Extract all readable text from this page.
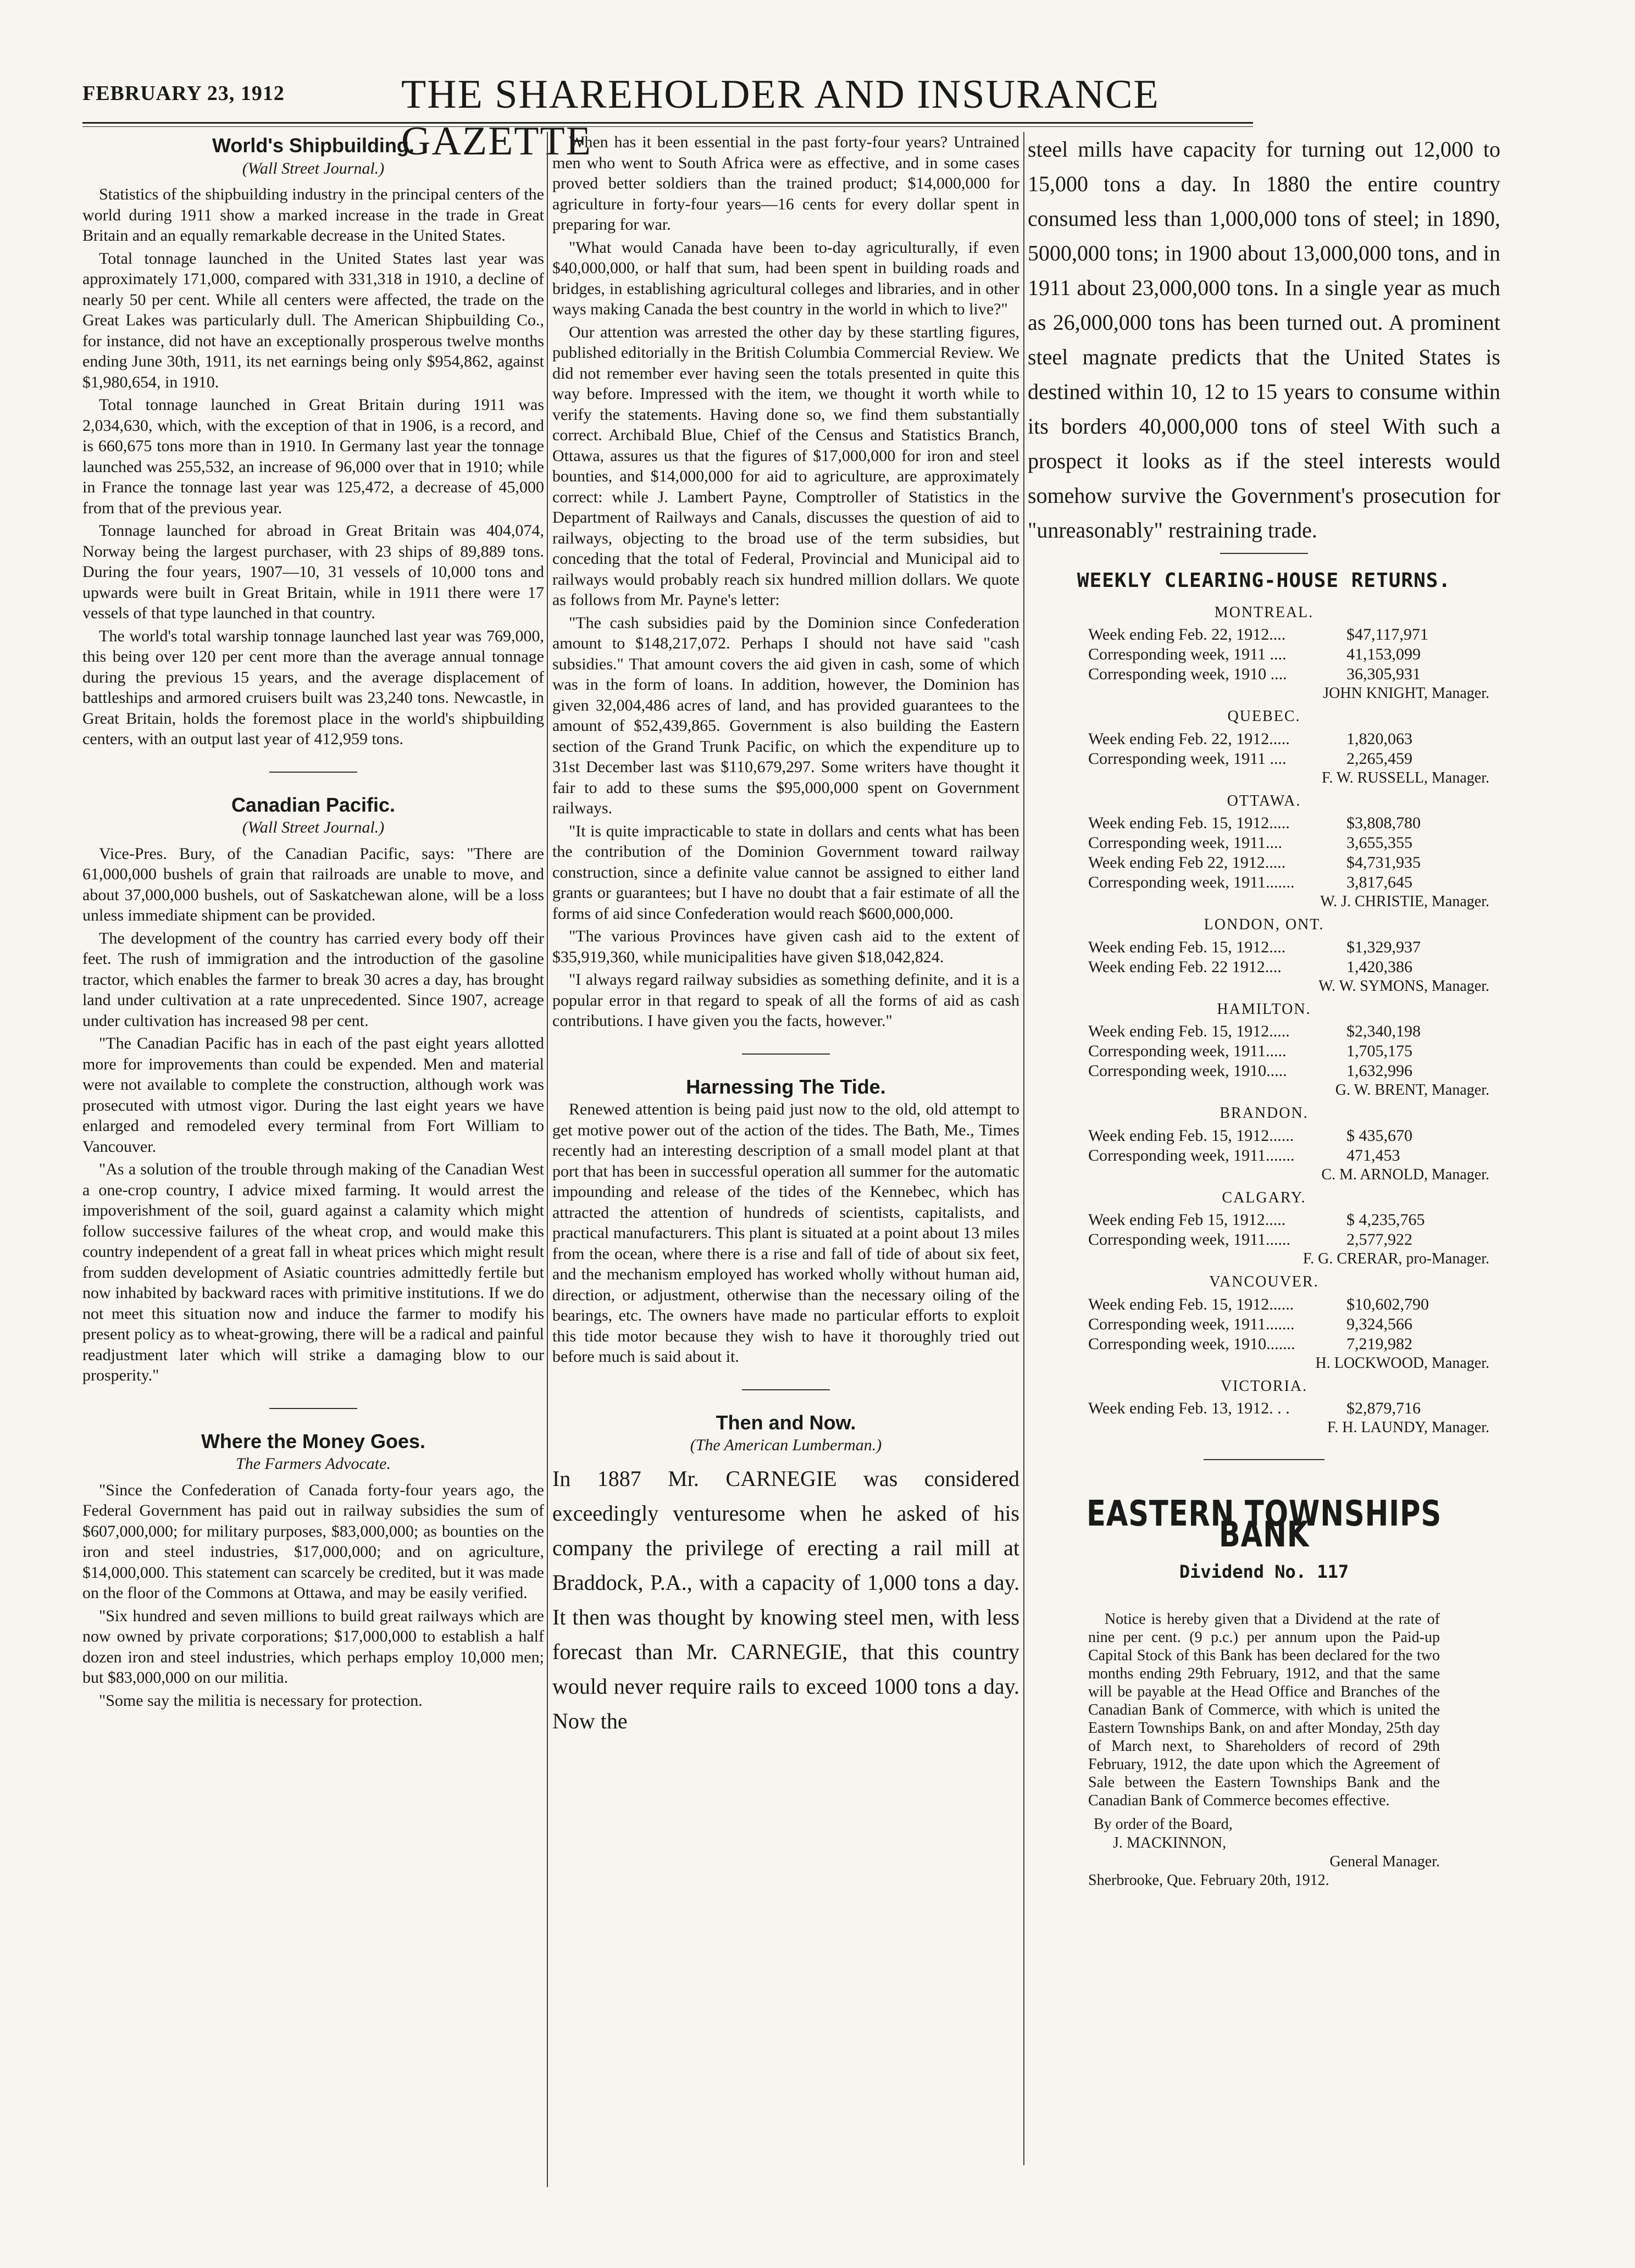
FEBRUARY 23, 1912	THE SHAREHOLDER AND INSURANCE GAZETTE
World's Shipbuilding.
(Wall Street Journal.)

Statistics of the shipbuilding industry in the principal centers of the world during 1911 show a marked increase in the trade in Great Britain and an equally remarkable decrease in the United States.

Total tonnage launched in the United States last year was approximately 171,000, compared with 331,318 in 1910, a decline of nearly 50 per cent. While all centers were affected, the trade on the Great Lakes was particularly dull. The American Shipbuilding Co., for instance, did not have an exceptionally prosperous twelve months ending June 30th, 1911, its net earnings being only $954,862, against $1,980,654, in 1910.

Total tonnage launched in Great Britain during 1911 was 2,034,630, which, with the exception of that in 1906, is a record, and is 660,675 tons more than in 1910. In Germany last year the tonnage launched was 255,532, an increase of 96,000 over that in 1910; while in France the tonnage last year was 125,472, a decrease of 45,000 from that of the previous year.

Tonnage launched for abroad in Great Britain was 404,074, Norway being the largest purchaser, with 23 ships of 89,889 tons. During the four years, 1907—10, 31 vessels of 10,000 tons and upwards were built in Great Britain, while in 1911 there were 17 vessels of that type launched in that country.

The world's total warship tonnage launched last year was 769,000, this being over 120 per cent more than the average annual tonnage during the previous 15 years, and the average displacement of battleships and armored cruisers built was 23,240 tons. Newcastle, in Great Britain, holds the foremost place in the world's shipbuilding centers, with an output last year of 412,959 tons.

Canadian Pacific.
(Wall Street Journal.)

Vice-Pres. Bury, of the Canadian Pacific, says: "There are 61,000,000 bushels of grain that railroads are unable to move, and about 37,000,000 bushels, out of Saskatchewan alone, will be a loss unless immediate shipment can be provided.

The development of the country has carried every body off their feet. The rush of immigration and the introduction of the gasoline tractor, which enables the farmer to break 30 acres a day, has brought land under cultivation at a rate unprecedented. Since 1907, acreage under cultivation has increased 98 per cent.

"The Canadian Pacific has in each of the past eight years allotted more for improvements than could be expended. Men and material were not available to complete the construction, although work was prosecuted with utmost vigor. During the last eight years we have enlarged and remodeled every terminal from Fort William to Vancouver.

"As a solution of the trouble through making of the Canadian West a one-crop country, I advice mixed farming. It would arrest the impoverishment of the soil, guard against a calamity which might follow successive failures of the wheat crop, and would make this country independent of a great fall in wheat prices which might result from sudden development of Asiatic countries admittedly fertile but now inhabited by backward races with primitive institutions. If we do not meet this situation now and induce the farmer to modify his present policy as to wheat-growing, there will be a radical and painful readjustment later which will strike a damaging blow to our prosperity."

Where the Money Goes.
The Farmers Advocate.

"Since the Confederation of Canada forty-four years ago, the Federal Government has paid out in railway subsidies the sum of $607,000,000; for military purposes, $83,000,000; as bounties on the iron and steel industries, $17,000,000; and on agriculture, $14,000,000. This statement can scarcely be credited, but it was made on the floor of the Commons at Ottawa, and may be easily verified.

"Six hundred and seven millions to build great railways which are now owned by private corporations; $17,000,000 to establish a half dozen iron and steel industries, which perhaps employ 10,000 men; but $83,000,000 on our militia.

"Some say the militia is necessary for protection.

When has it been essential in the past forty-four years? Untrained men who went to South Africa were as effective, and in some cases proved better soldiers than the trained product; $14,000,000 for agriculture in forty-four years—16 cents for every dollar spent in preparing for war.

"What would Canada have been to-day agriculturally, if even $40,000,000, or half that sum, had been spent in building roads and bridges, in establishing agricultural colleges and libraries, and in other ways making Canada the best country in the world in which to live?"

Our attention was arrested the other day by these startling figures, published editorially in the British Columbia Commercial Review. We did not remember ever having seen the totals presented in quite this way before. Impressed with the item, we thought it worth while to verify the statements. Having done so, we find them substantially correct. Archibald Blue, Chief of the Census and Statistics Branch, Ottawa, assures us that the figures of $17,000,000 for iron and steel bounties, and $14,000,000 for aid to agriculture, are approximately correct: while J. Lambert Payne, Comptroller of Statistics in the Department of Railways and Canals, discusses the question of aid to railways, objecting to the broad use of the term subsidies, but conceding that the total of Federal, Provincial and Municipal aid to railways would probably reach six hundred million dollars. We quote as follows from Mr. Payne's letter:

"The cash subsidies paid by the Dominion since Confederation amount to $148,217,072. Perhaps I should not have said "cash subsidies." That amount covers the aid given in cash, some of which was in the form of loans. In addition, however, the Dominion has given 32,004,486 acres of land, and has provided guarantees to the amount of $52,439,865. Government is also building the Eastern section of the Grand Trunk Pacific, on which the expenditure up to 31st December last was $110,679,297. Some writers have thought it fair to add to these sums the $95,000,000 spent on Government railways.

"It is quite impracticable to state in dollars and cents what has been the contribution of the Dominion Government toward railway construction, since a definite value cannot be assigned to either land grants or guarantees; but I have no doubt that a fair estimate of all the forms of aid since Confederation would reach $600,000,000.

"The various Provinces have given cash aid to the extent of $35,919,360, while municipalities have given $18,042,824.

"I always regard railway subsidies as something definite, and it is a popular error in that regard to speak of all the forms of aid as cash contributions. I have given you the facts, however."

Harnessing The Tide.

Renewed attention is being paid just now to the old, old attempt to get motive power out of the action of the tides. The Bath, Me., Times recently had an interesting description of a small model plant at that port that has been in successful operation all summer for the automatic impounding and release of the tides of the Kennebec, which has attracted the attention of hundreds of scientists, capitalists, and practical manufacturers. This plant is situated at a point about 13 miles from the ocean, where there is a rise and fall of tide of about six feet, and the mechanism employed has worked wholly without human aid, direction, or adjustment, otherwise than the necessary oiling of the bearings, etc. The owners have made no particular efforts to exploit this tide motor because they wish to have it thoroughly tried out before much is said about it.

Then and Now.
(The American Lumberman.)

In 1887 Mr. CARNEGIE was considered exceedingly venturesome when he asked of his company the privilege of erecting a rail mill at Braddock, P.A., with a capacity of 1,000 tons a day. It then was thought by knowing steel men, with less forecast than Mr. CARNEGIE, that this country would never require rails to exceed 1000 tons a day. Now the

steel mills have capacity for turning out 12,000 to 15,000 tons a day. In 1880 the entire country consumed less than 1,000,000 tons of steel; in 1890, 5000,000 tons; in 1900 about 13,000,000 tons, and in 1911 about 23,000,000 tons. In a single year as much as 26,000,000 tons has been turned out. A prominent steel magnate predicts that the United States is destined within 10, 12 to 15 years to consume within its borders 40,000,000 tons of steel With such a prospect it looks as if the steel interests would somehow survive the Government's prosecution for "unreasonably" restraining trade.

WEEKLY CLEARING-HOUSE RETURNS.
MONTREAL.
Week ending Feb. 22, 1912....	$47,117,971
Corresponding week, 1911 ....	41,153,099
Corresponding week, 1910 ....	36,305,931
JOHN KNIGHT, Manager.
QUEBEC.
Week ending Feb. 22, 1912.....	1,820,063
Corresponding week, 1911 ....	2,265,459
F. W. RUSSELL, Manager.
OTTAWA.
Week ending Feb. 15, 1912.....	$3,808,780
Corresponding week, 1911....	3,655,355
Week ending Feb 22, 1912.....	$4,731,935
Corresponding week, 1911.......	3,817,645
W. J. CHRISTIE, Manager.
LONDON, ONT.
Week ending Feb. 15, 1912....	$1,329,937
Week ending Feb. 22 1912....	1,420,386
W. W. SYMONS, Manager.
HAMILTON.
Week ending Feb. 15, 1912.....	$2,340,198
Corresponding week, 1911.....	1,705,175
Corresponding week, 1910.....	1,632,996
G. W. BRENT, Manager.
BRANDON.
Week ending Feb. 15, 1912......	$ 435,670
Corresponding week, 1911.......	471,453
C. M. ARNOLD, Manager.
CALGARY.
Week ending Feb 15, 1912.....	$ 4,235,765
Corresponding week, 1911......	2,577,922
F. G. CRERAR, pro-Manager.
VANCOUVER.
Week ending Feb. 15, 1912......	$10,602,790
Corresponding week, 1911.......	9,324,566
Corresponding week, 1910.......	7,219,982
H. LOCKWOOD, Manager.
VICTORIA.
Week ending Feb. 13, 1912. . .	$2,879,716
F. H. LAUNDY, Manager.
EASTERN TOWNSHIPS BANK
Dividend No. 117
Notice is hereby given that a Dividend at the rate of nine per cent. (9 p.c.) per annum upon the Paid-up Capital Stock of this Bank has been declared for the two months ending 29th February, 1912, and that the same will be payable at the Head Office and Branches of the Canadian Bank of Commerce, with which is united the Eastern Townships Bank, on and after Monday, 25th day of March next, to Shareholders of record of 29th February, 1912, the date upon which the Agreement of Sale between the Eastern Townships Bank and the Canadian Bank of Commerce becomes effective.
By order of the Board,
J. MACKINNON,
General Manager.
Sherbrooke, Que. February 20th, 1912.
